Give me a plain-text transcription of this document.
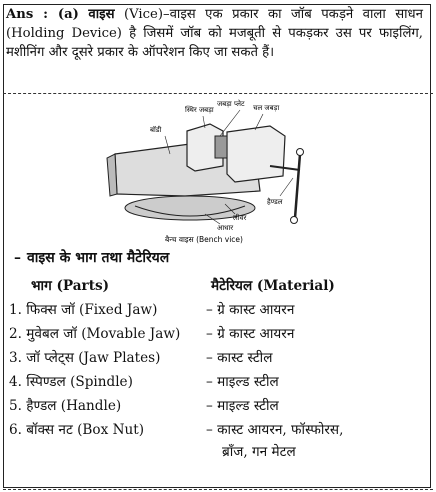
Ans : (a) वाइस (Vice)–वाइस एक प्रकार का जॉब पकड़ने वाला साधन (Holding Device) है जिसमें जॉब को मजबूती से पकड़कर उस पर फाइलिंग, मशीनिंग और दूसरे प्रकार के ऑपरेशन किए जा सकते हैं।
स्थिर जबड़ा
जबड़ा प्लेट चल जबड़ा
बॉडी
हैण्डल
लीवर
आधार
बैन्च वाइस (Bench vice)
– वाइस के भाग तथा मैटेरियल
भाग (Parts)	मैटेरियल (Material)
1. फिक्स जॉ (Fixed Jaw)	– ग्रे कास्ट आयरन
2. मुवेबल जॉ (Movable Jaw) – ग्रे कास्ट आयरन
3. जॉ प्लेट्स (Jaw Plates)	– कास्ट स्टील
4. स्पिण्डल (Spindle)	– माइल्ड स्टील
5. हैण्डल (Handle)	– माइल्ड स्टील
6. बॉक्स नट (Box Nut)	– कास्ट आयरन, फॉस्फोरस,
ब्रॉंज, गन मेटल
